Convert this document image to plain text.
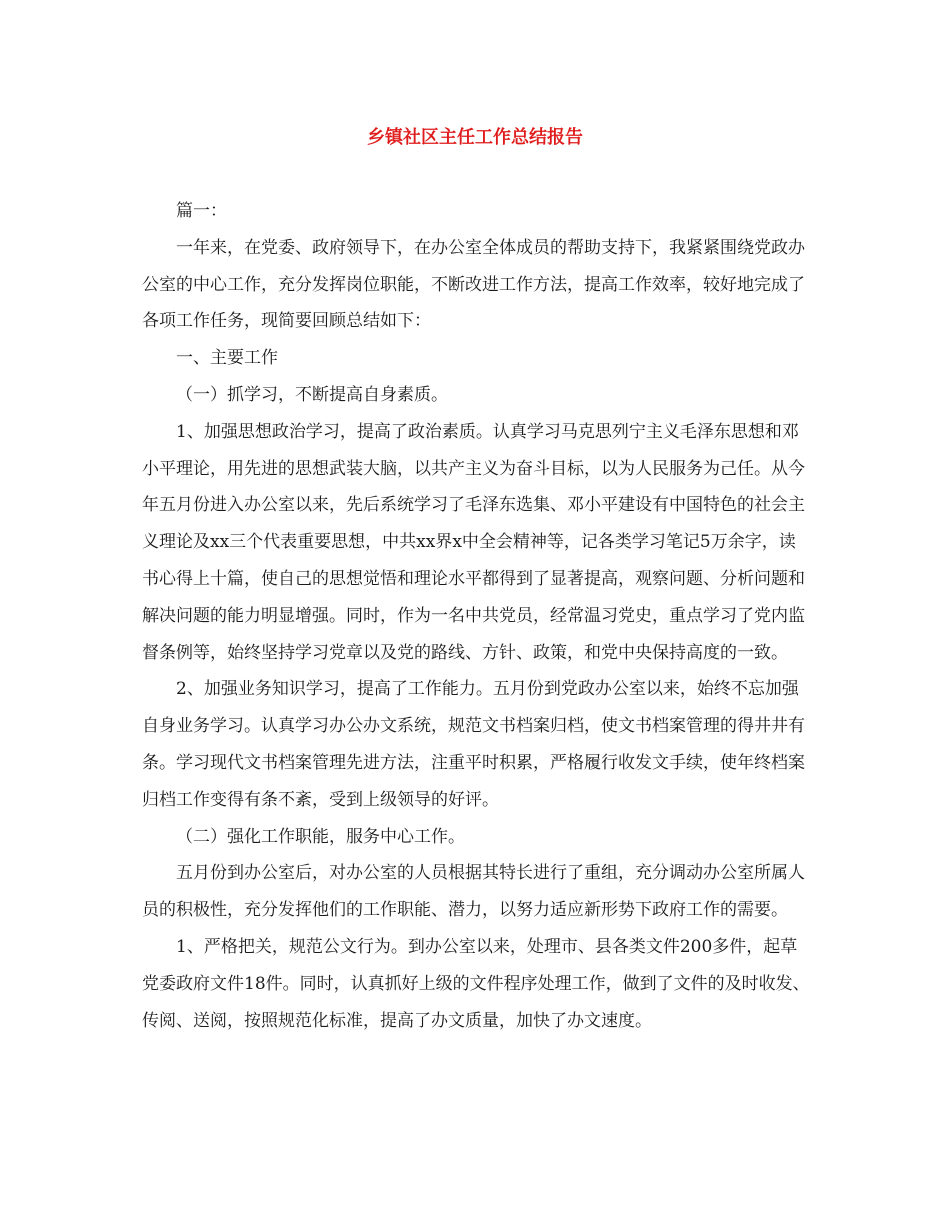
乡镇社区主任工作总结报告

篇一：

一年来，在党委、政府领导下，在办公室全体成员的帮助支持下，我紧紧围绕党政办公室的中心工作，充分发挥岗位职能，不断改进工作方法，提高工作效率，较好地完成了各项工作任务，现简要回顾总结如下：

一、主要工作

（一）抓学习，不断提高自身素质。

1、加强思想政治学习，提高了政治素质。认真学习马克思列宁主义毛泽东思想和邓小平理论，用先进的思想武装大脑，以共产主义为奋斗目标，以为人民服务为己任。从今年五月份进入办公室以来，先后系统学习了毛泽东选集、邓小平建设有中国特色的社会主义理论及xx三个代表重要思想，中共xx界x中全会精神等，记各类学习笔记5万余字，读书心得上十篇，使自己的思想觉悟和理论水平都得到了显著提高，观察问题、分析问题和解决问题的能力明显增强。同时，作为一名中共党员，经常温习党史，重点学习了党内监督条例等，始终坚持学习党章以及党的路线、方针、政策，和党中央保持高度的一致。

2、加强业务知识学习，提高了工作能力。五月份到党政办公室以来，始终不忘加强自身业务学习。认真学习办公办文系统，规范文书档案归档，使文书档案管理的得井井有条。学习现代文书档案管理先进方法，注重平时积累，严格履行收发文手续，使年终档案归档工作变得有条不紊，受到上级领导的好评。

（二）强化工作职能，服务中心工作。

五月份到办公室后，对办公室的人员根据其特长进行了重组，充分调动办公室所属人员的积极性，充分发挥他们的工作职能、潜力，以努力适应新形势下政府工作的需要。

1、严格把关，规范公文行为。到办公室以来，处理市、县各类文件200多件，起草党委政府文件18件。同时，认真抓好上级的文件程序处理工作，做到了文件的及时收发、传阅、送阅，按照规范化标准，提高了办文质量，加快了办文速度。
